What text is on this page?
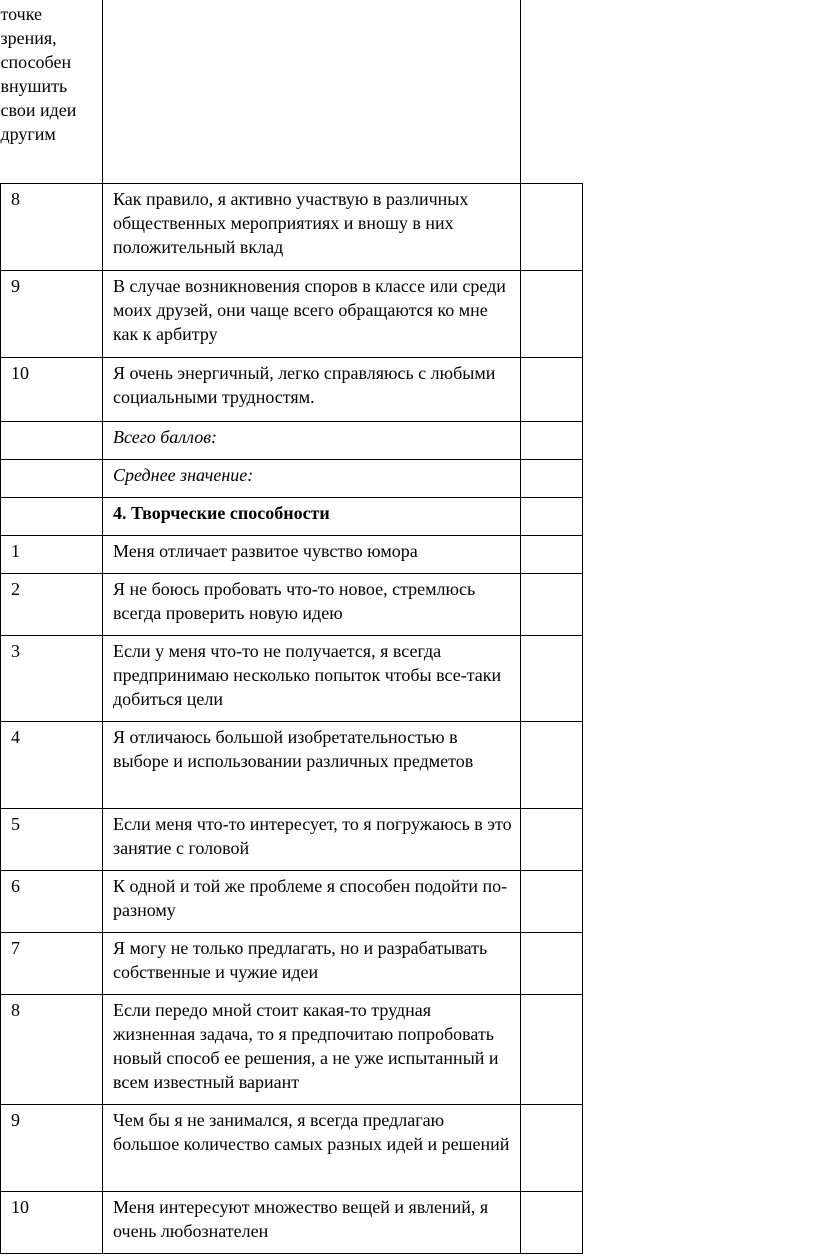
точке зрения, способен внушить свои идеи другим		
8	Как правило, я активно участвую в различных общественных мероприятиях и вношу в них положительный вклад	
9	В случае возникновения споров в классе или среди моих друзей, они чаще всего обращаются ко мне как к арбитру	
10	Я очень энергичный, легко справляюсь с любыми социальными трудностям.	
	Всего баллов:	
	Среднее значение:	
	4. Творческие способности	
1	Меня отличает развитое чувство юмора	
2	Я не боюсь пробовать что-то новое, стремлюсь всегда проверить новую идею	
3	Если у меня что-то не получается, я всегда предпринимаю несколько попыток чтобы все-таки добиться цели	
4	Я отличаюсь большой изобретательностью в выборе и использовании различных предметов	
5	Если меня что-то интересует, то я погружаюсь в это занятие с головой	
6	К одной и той же проблеме я способен подойти по-разному	
7	Я могу не только предлагать, но и разрабатывать собственные и чужие идеи	
8	Если передо мной стоит какая-то трудная жизненная задача, то я предпочитаю попробовать новый способ ее решения, а не уже испытанный и всем известный вариант	
9	Чем бы я не занимался, я всегда предлагаю большое количество самых разных идей и решений	
10	Меня интересуют множество вещей и явлений, я очень любознателен	
